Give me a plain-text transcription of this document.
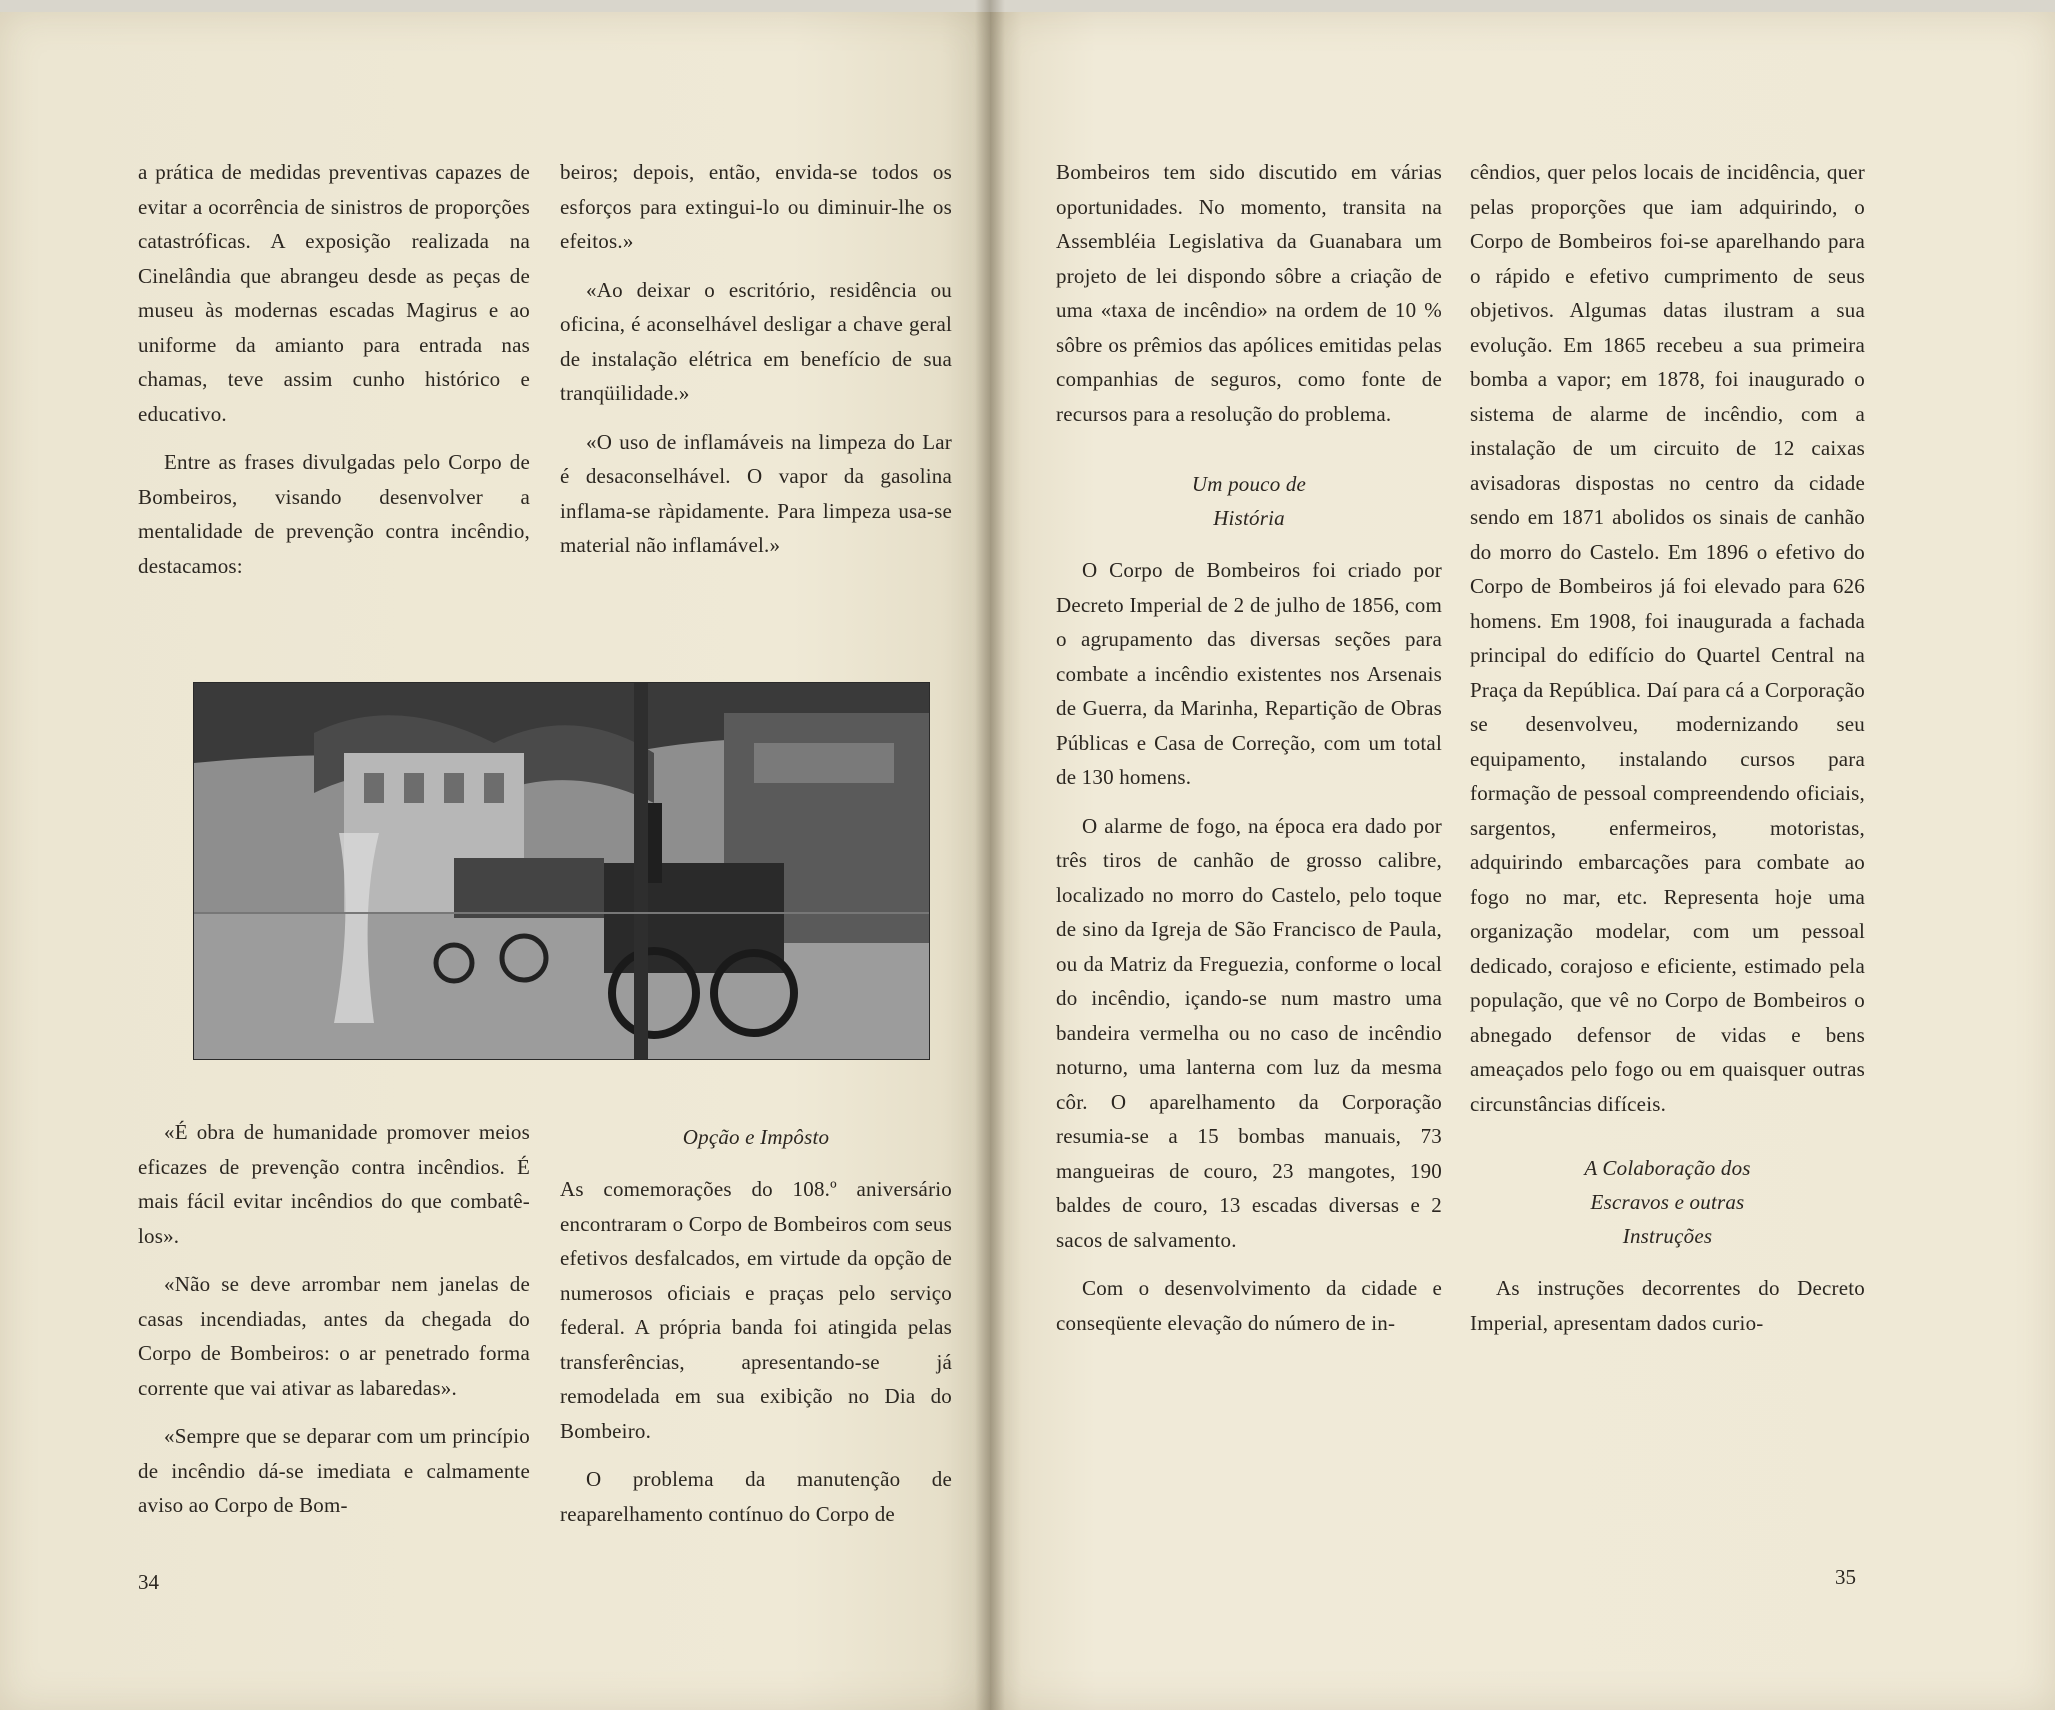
a prática de medidas preventivas capazes de evitar a ocorrência de sinistros de proporções catastróficas. A exposição realizada na Cinelândia que abrangeu desde as peças de museu às modernas escadas Magirus e ao uniforme da amianto para entrada nas chamas, teve assim cunho histórico e educativo.

Entre as frases divulgadas pelo Corpo de Bombeiros, visando desenvolver a mentalidade de prevenção contra incêndio, destacamos:

beiros; depois, então, envida-se todos os esforços para extingui-lo ou diminuir-lhe os efeitos.»

«Ao deixar o escritório, residência ou oficina, é aconselhável desligar a chave geral de instalação elétrica em benefício de sua tranqüilidade.»

«O uso de inflamáveis na limpeza do Lar é desaconselhável. O vapor da gasolina inflama-se ràpidamente. Para limpeza usa-se material não inflamável.»

«É obra de humanidade promover meios eficazes de prevenção contra incêndios. É mais fácil evitar incêndios do que combatê-los».

«Não se deve arrombar nem janelas de casas incendiadas, antes da chegada do Corpo de Bombeiros: o ar penetrado forma corrente que vai ativar as labaredas».

«Sempre que se deparar com um princípio de incêndio dá-se imediata e calmamente aviso ao Corpo de Bom-

Opção e Impôsto

As comemorações do 108.º aniversário encontraram o Corpo de Bombeiros com seus efetivos desfalcados, em virtude da opção de numerosos oficiais e praças pelo serviço federal. A própria banda foi atingida pelas transferências, apresentando-se já remodelada em sua exibição no Dia do Bombeiro.

O problema da manutenção de reaparelhamento contínuo do Corpo de

34

Bombeiros tem sido discutido em várias oportunidades. No momento, transita na Assembléia Legislativa da Guanabara um projeto de lei dispondo sôbre a criação de uma «taxa de incêndio» na ordem de 10 % sôbre os prêmios das apólices emitidas pelas companhias de seguros, como fonte de recursos para a resolução do problema.

Um pouco de
História

O Corpo de Bombeiros foi criado por Decreto Imperial de 2 de julho de 1856, com o agrupamento das diversas seções para combate a incêndio existentes nos Arsenais de Guerra, da Marinha, Repartição de Obras Públicas e Casa de Correção, com um total de 130 homens.

O alarme de fogo, na época era dado por três tiros de canhão de grosso calibre, localizado no morro do Castelo, pelo toque de sino da Igreja de São Francisco de Paula, ou da Matriz da Freguezia, conforme o local do incêndio, içando-se num mastro uma bandeira vermelha ou no caso de incêndio noturno, uma lanterna com luz da mesma côr. O aparelhamento da Corporação resumia-se a 15 bombas manuais, 73 mangueiras de couro, 23 mangotes, 190 baldes de couro, 13 escadas diversas e 2 sacos de salvamento.

Com o desenvolvimento da cidade e conseqüente elevação do número de in-

cêndios, quer pelos locais de incidência, quer pelas proporções que iam adquirindo, o Corpo de Bombeiros foi-se aparelhando para o rápido e efetivo cumprimento de seus objetivos. Algumas datas ilustram a sua evolução. Em 1865 recebeu a sua primeira bomba a vapor; em 1878, foi inaugurado o sistema de alarme de incêndio, com a instalação de um circuito de 12 caixas avisadoras dispostas no centro da cidade sendo em 1871 abolidos os sinais de canhão do morro do Castelo. Em 1896 o efetivo do Corpo de Bombeiros já foi elevado para 626 homens. Em 1908, foi inaugurada a fachada principal do edifício do Quartel Central na Praça da República. Daí para cá a Corporação se desenvolveu, modernizando seu equipamento, instalando cursos para formação de pessoal compreendendo oficiais, sargentos, enfermeiros, motoristas, adquirindo embarcações para combate ao fogo no mar, etc. Representa hoje uma organização modelar, com um pessoal dedicado, corajoso e eficiente, estimado pela população, que vê no Corpo de Bombeiros o abnegado defensor de vidas e bens ameaçados pelo fogo ou em quaisquer outras circunstâncias difíceis.

A Colaboração dos
Escravos e outras
Instruções

As instruções decorrentes do Decreto Imperial, apresentam dados curio-

35
